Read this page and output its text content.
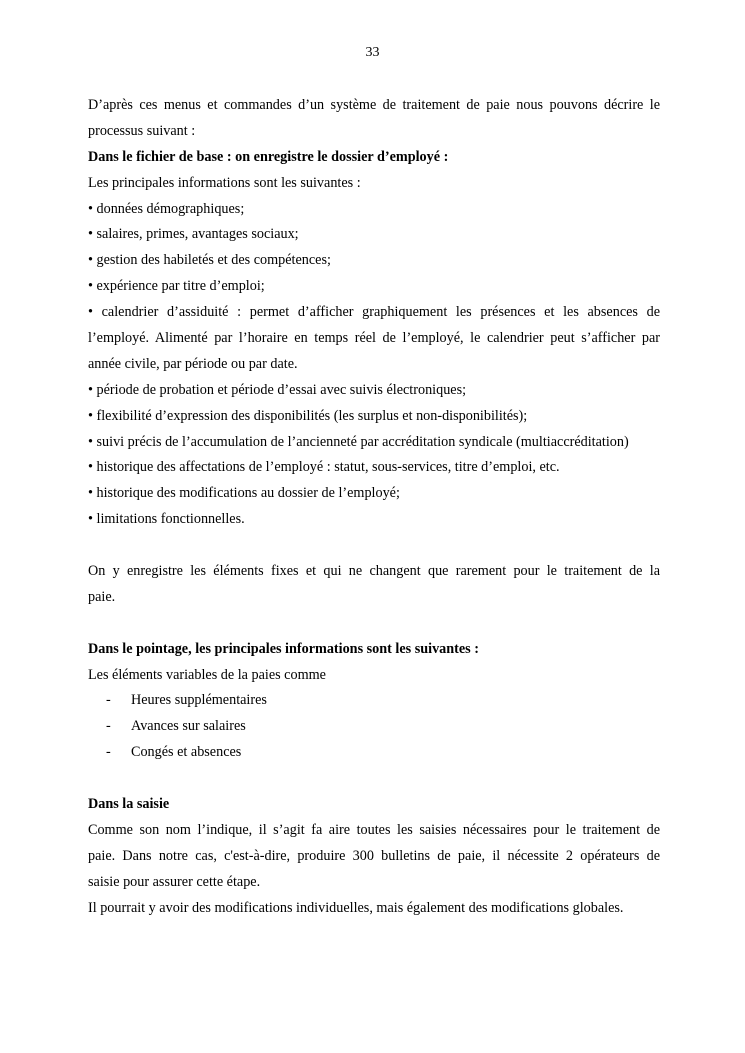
33
D’après ces menus et commandes d’un système de traitement de paie nous pouvons décrire le
processus suivant :
Dans le fichier de base : on enregistre le dossier d’employé :
Les principales informations sont les suivantes :
• données démographiques;
• salaires, primes, avantages sociaux;
• gestion des habiletés et des compétences;
• expérience par titre d’emploi;
• calendrier d’assiduité : permet d’afficher graphiquement les présences et les absences de
l’employé. Alimenté par l’horaire en temps réel de l’employé, le calendrier peut s’afficher par
année civile, par période ou par date.
• période de probation et période d’essai avec suivis électroniques;
• flexibilité d’expression des disponibilités (les surplus et non-disponibilités);
• suivi précis de l’accumulation de l’ancienneté par accréditation syndicale (multiaccréditation)
• historique des affectations de l’employé : statut, sous-services, titre d’emploi, etc.
• historique des modifications au dossier de l’employé;
• limitations fonctionnelles.
On y enregistre les éléments fixes et qui ne changent que rarement pour le traitement de la
paie.
Dans le pointage, les principales informations sont les suivantes :
Les éléments variables de la paies comme
- Heures supplémentaires
- Avances sur salaires
- Congés et absences
Dans la saisie
Comme son nom l’indique, il s’agit fa aire toutes les saisies nécessaires pour le traitement de
paie. Dans notre cas, c'est-à-dire, produire 300 bulletins de paie, il nécessite 2 opérateurs de
saisie pour assurer cette étape.
Il pourrait y avoir des modifications individuelles, mais également des modifications globales.
